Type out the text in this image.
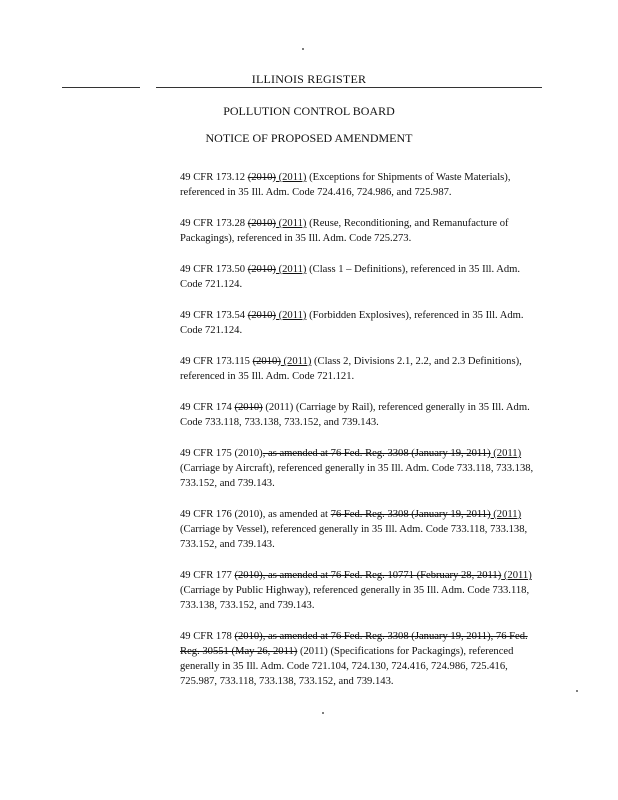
ILLINOIS REGISTER
POLLUTION CONTROL BOARD
NOTICE OF PROPOSED AMENDMENT

49 CFR 173.12 (2010) (2011) (Exceptions for Shipments of Waste Materials), referenced in 35 Ill. Adm. Code 724.416, 724.986, and 725.987.

49 CFR 173.28 (2010) (2011) (Reuse, Reconditioning, and Remanufacture of Packagings), referenced in 35 Ill. Adm. Code 725.273.

49 CFR 173.50 (2010) (2011) (Class 1 – Definitions), referenced in 35 Ill. Adm. Code 721.124.

49 CFR 173.54 (2010) (2011) (Forbidden Explosives), referenced in 35 Ill. Adm. Code 721.124.

49 CFR 173.115 (2010) (2011) (Class 2, Divisions 2.1, 2.2, and 2.3 Definitions), referenced in 35 Ill. Adm. Code 721.121.

49 CFR 174 (2010) (2011) (Carriage by Rail), referenced generally in 35 Ill. Adm. Code 733.118, 733.138, 733.152, and 739.143.

49 CFR 175 (2010), as amended at 76 Fed. Reg. 3308 (January 19, 2011) (2011) (Carriage by Aircraft), referenced generally in 35 Ill. Adm. Code 733.118, 733.138, 733.152, and 739.143.

49 CFR 176 (2010), as amended at 76 Fed. Reg. 3308 (January 19, 2011) (2011) (Carriage by Vessel), referenced generally in 35 Ill. Adm. Code 733.118, 733.138, 733.152, and 739.143.

49 CFR 177 (2010), as amended at 76 Fed. Reg. 10771 (February 28, 2011) (2011) (Carriage by Public Highway), referenced generally in 35 Ill. Adm. Code 733.118, 733.138, 733.152, and 739.143.

49 CFR 178 (2010), as amended at 76 Fed. Reg. 3308 (January 19, 2011), 76 Fed. Reg. 30551 (May 26, 2011) (2011) (Specifications for Packagings), referenced generally in 35 Ill. Adm. Code 721.104, 724.130, 724.416, 724.986, 725.416, 725.987, 733.118, 733.138, 733.152, and 739.143.
